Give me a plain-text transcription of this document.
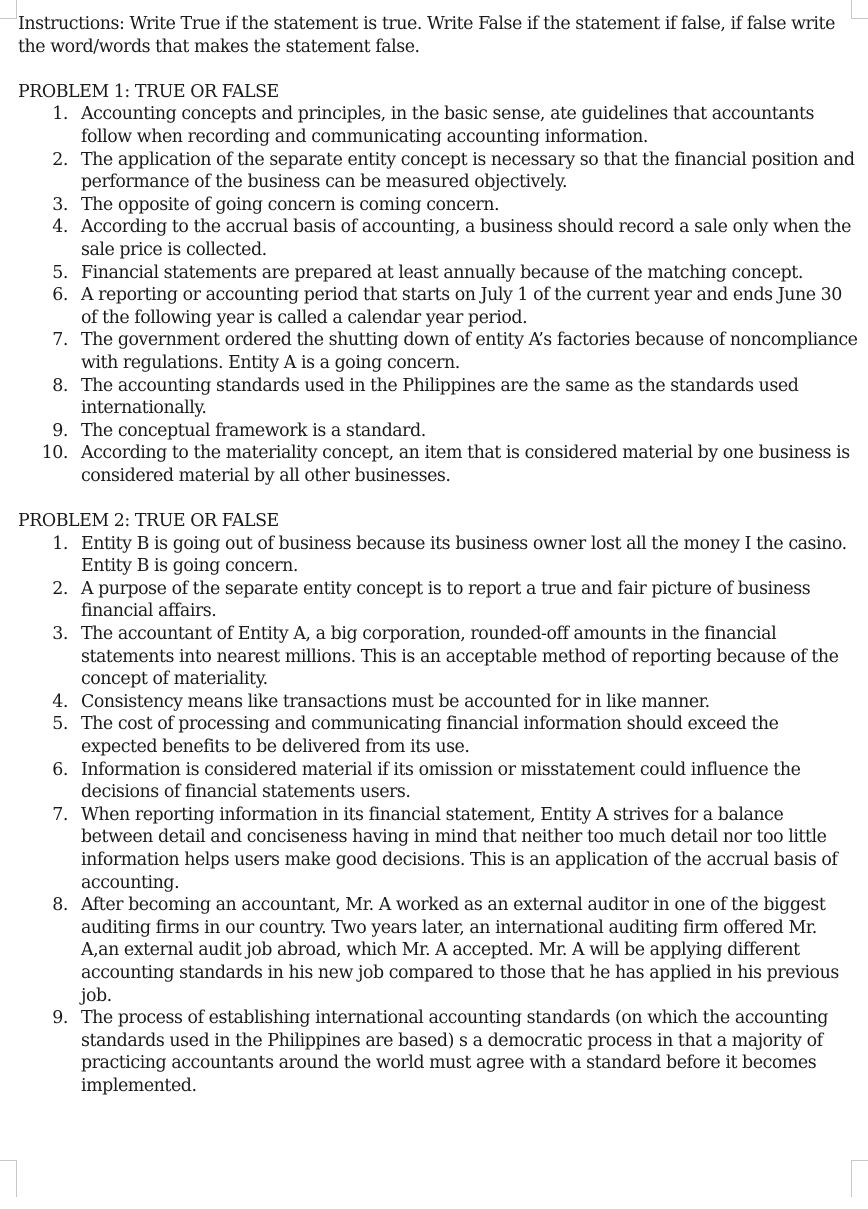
Instructions: Write True if the statement is true. Write False if the statement if false, if false write the word/words that makes the statement false.

PROBLEM 1: TRUE OR FALSE

1. Accounting concepts and principles, in the basic sense, ate guidelines that accountants follow when recording and communicating accounting information.
2. The application of the separate entity concept is necessary so that the financial position and performance of the business can be measured objectively.
3. The opposite of going concern is coming concern.
4. According to the accrual basis of accounting, a business should record a sale only when the sale price is collected.
5. Financial statements are prepared at least annually because of the matching concept.
6. A reporting or accounting period that starts on July 1 of the current year and ends June 30 of the following year is called a calendar year period.
7. The government ordered the shutting down of entity A’s factories because of noncompliance with regulations. Entity A is a going concern.
8. The accounting standards used in the Philippines are the same as the standards used internationally.
9. The conceptual framework is a standard.
10. According to the materiality concept, an item that is considered material by one business is considered material by all other businesses.

PROBLEM 2: TRUE OR FALSE

1. Entity B is going out of business because its business owner lost all the money I the casino. Entity B is going concern.
2. A purpose of the separate entity concept is to report a true and fair picture of business financial affairs.
3. The accountant of Entity A, a big corporation, rounded-off amounts in the financial statements into nearest millions. This is an acceptable method of reporting because of the concept of materiality.
4. Consistency means like transactions must be accounted for in like manner.
5. The cost of processing and communicating financial information should exceed the expected benefits to be delivered from its use.
6. Information is considered material if its omission or misstatement could influence the decisions of financial statements users.
7. When reporting information in its financial statement, Entity A strives for a balance between detail and conciseness having in mind that neither too much detail nor too little information helps users make good decisions. This is an application of the accrual basis of accounting.
8. After becoming an accountant, Mr. A worked as an external auditor in one of the biggest auditing firms in our country. Two years later, an international auditing firm offered Mr. A,an external audit job abroad, which Mr. A accepted. Mr. A will be applying different accounting standards in his new job compared to those that he has applied in his previous job.
9. The process of establishing international accounting standards (on which the accounting standards used in the Philippines are based) s a democratic process in that a majority of practicing accountants around the world must agree with a standard before it becomes implemented.
